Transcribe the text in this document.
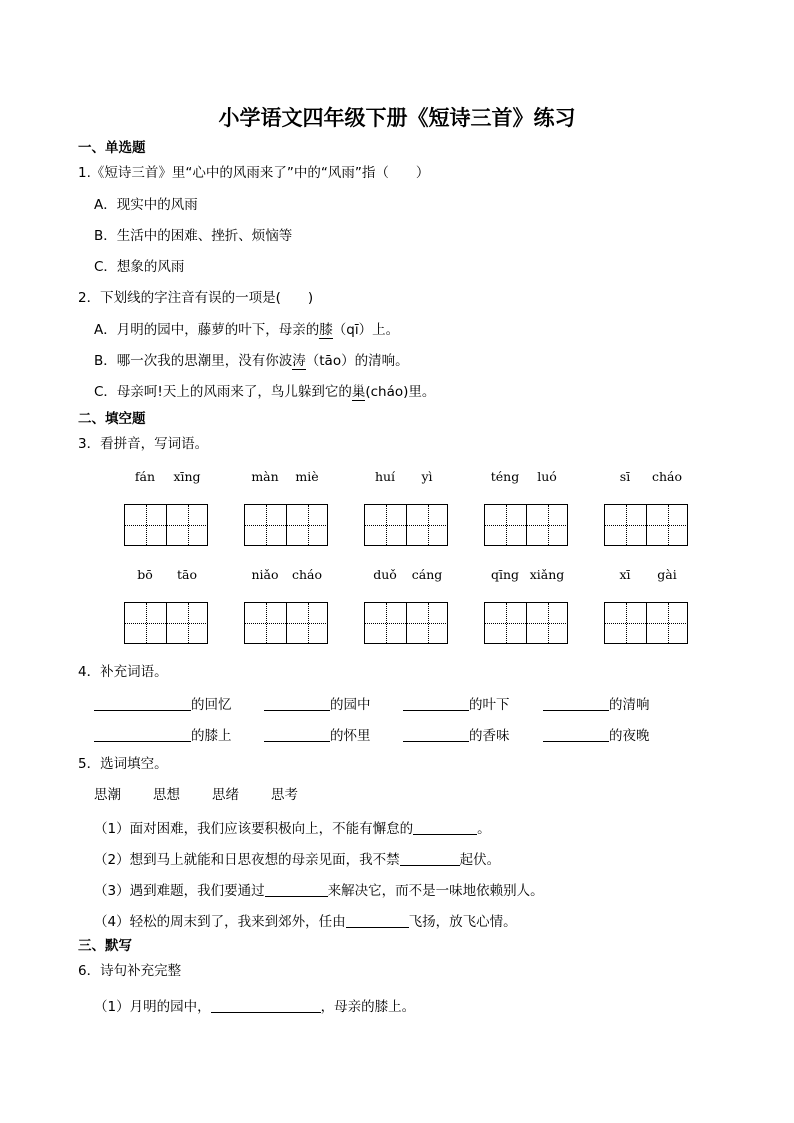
小学语文四年级下册《短诗三首》练习
一、单选题
1.《短诗三首》里“心中的风雨来了”中的“风雨”指（　　）
A．现实中的风雨
B．生活中的困难、挫折、烦恼等
C．想象的风雨
2．下划线的字注音有误的一项是(　　)
A．月明的园中，藤萝的叶下，母亲的膝（qī）上。
B．哪一次我的思潮里，没有你波涛（tāo）的清响。
C．母亲呵!天上的风雨来了，鸟儿躲到它的巢(cháo)里。
二、填空题
3．看拼音，写词语。
fán	xīng	màn	miè	huí	yì	téng	luó	sī	cháo
bō	tāo	niǎo	cháo	duǒ	cáng	qīng xiǎng	xī	gài
4．补充词语。
的回忆	的园中	的叶下	的清响
的膝上	的怀里	的香味	的夜晚
5．选词填空。
思潮 思想 思绪 思考
（1）面对困难，我们应该要积极向上，不能有懈怠的	。
（2）想到马上就能和日思夜想的母亲见面，我不禁	起伏。
（3）遇到难题，我们要通过	来解决它，而不是一味地依赖别人。
（4）轻松的周末到了，我来到郊外，任由	飞扬，放飞心情。
三、默写
6．诗句补充完整
（1）月明的园中，	，母亲的膝上。
